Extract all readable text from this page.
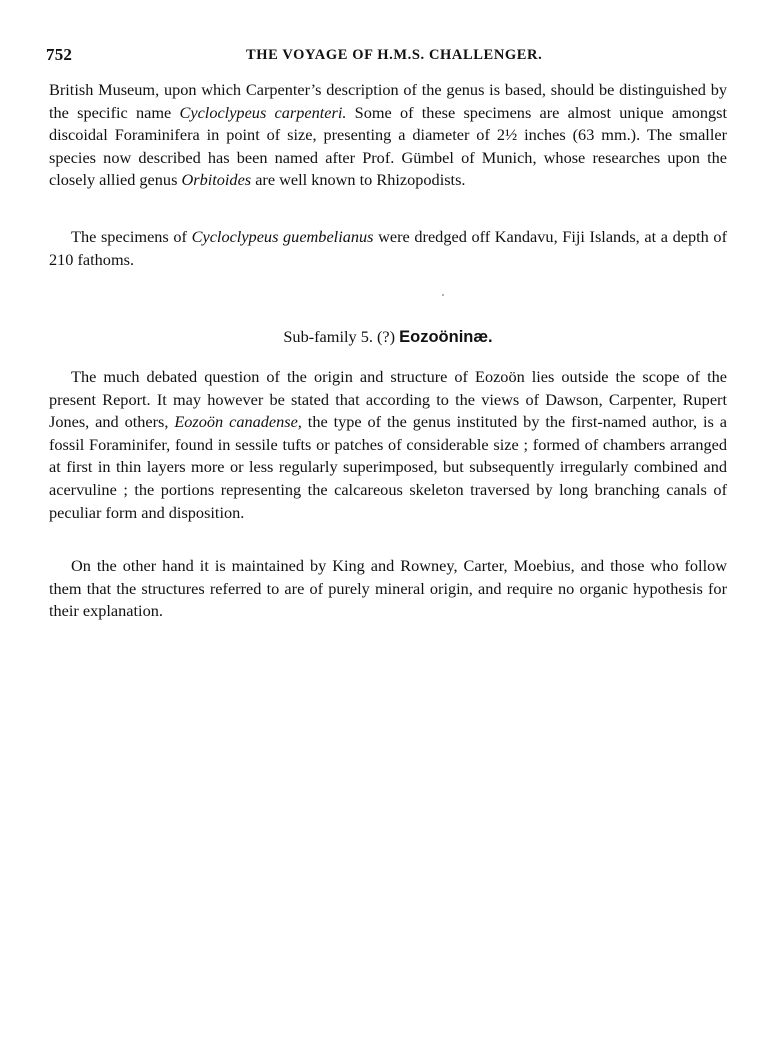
752	THE VOYAGE OF H.M.S. CHALLENGER.

British Museum, upon which Carpenter’s description of the genus is based, should be distinguished by the specific name Cycloclypeus carpenteri. Some of these specimens are almost unique amongst discoidal Foraminifera in point of size, presenting a diameter of 2½ inches (63 mm.). The smaller species now described has been named after Prof. Gümbel of Munich, whose researches upon the closely allied genus Orbitoides are well known to Rhizopodists.

The specimens of Cycloclypeus guembelianus were dredged off Kandavu, Fiji Islands, at a depth of 210 fathoms.

Sub-family 5. (?) Eozoöninæ.

The much debated question of the origin and structure of Eozoön lies outside the scope of the present Report. It may however be stated that according to the views of Dawson, Carpenter, Rupert Jones, and others, Eozoön canadense, the type of the genus instituted by the first-named author, is a fossil Foraminifer, found in sessile tufts or patches of considerable size ; formed of chambers arranged at first in thin layers more or less regularly superimposed, but subsequently irregularly combined and acervuline ; the portions representing the calcareous skeleton traversed by long branching canals of peculiar form and disposition.

On the other hand it is maintained by King and Rowney, Carter, Moebius, and those who follow them that the structures referred to are of purely mineral origin, and require no organic hypothesis for their explanation.
